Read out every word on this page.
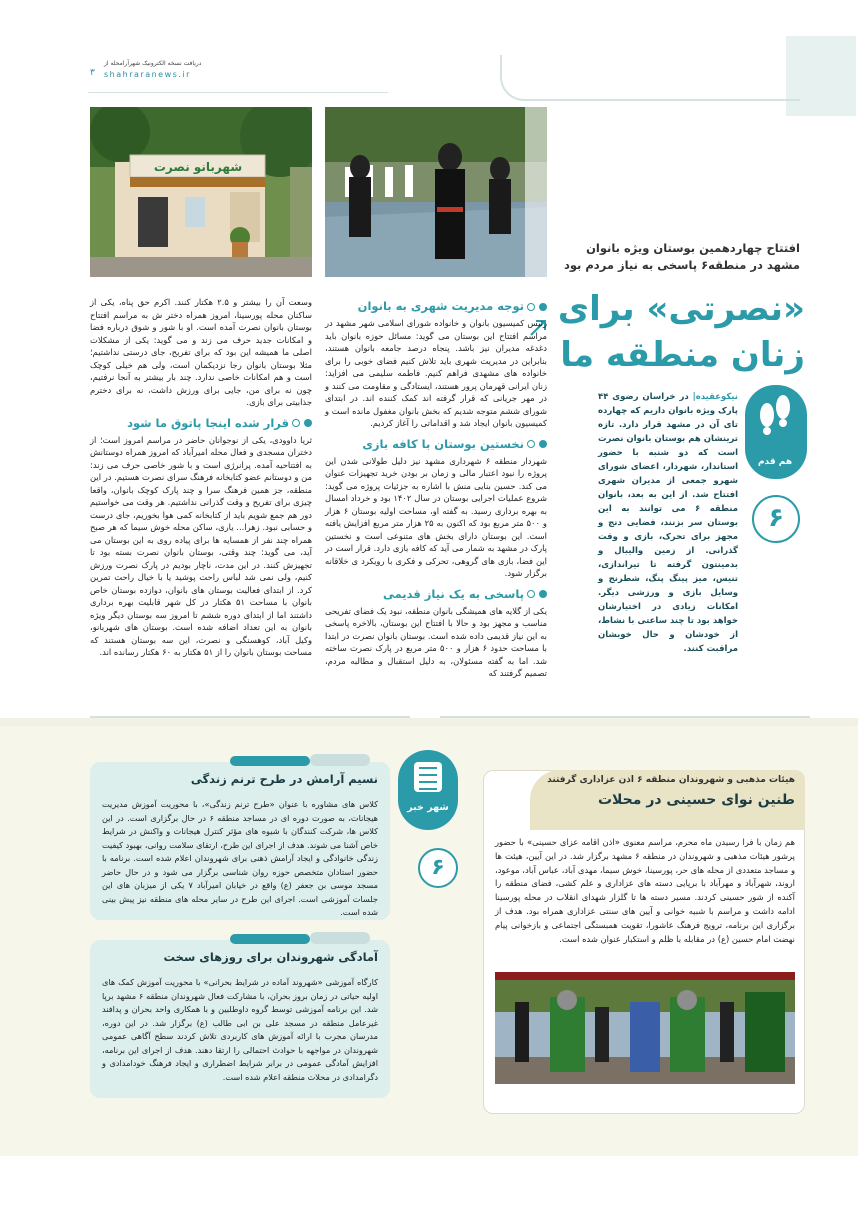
دریافت نسخه الکترونیک شهرآرامحله از
shahraranews.ir
۳
شهربانو نصرت
افتتاح چهاردهمین بوستان ویژه بانوان مشهد در منطقه۶ پاسخی به نیاز مردم بود
«نصرتی» برای زنان منطقه ما
نیکوعقیده| در خراسان رضوی ۴۴ پارک ویژه بانوان داریم که چهارده تای آن در مشهد قرار دارد. تازه ترینشان هم بوستان بانوان نصرت است که دو شنبه با حضور استاندار، شهردار، اعضای شورای شهرو جمعی از مدیران شهری افتتاح شد. از این به بعد، بانوان منطقه ۶ می توانند به این بوستان سر بزنند، فضایی دنج و مجهز برای تحرک، بازی و وقت گذرانی. از زمین والیبال و بدمینتون گرفته تا تیراندازی، تنیس، میز پینگ پنگ، شطرنج و وسایل بازی و ورزشی دیگر. امکانات زیادی در اختیارشان خواهد بود تا چند ساعتی با نشاط، از خودشان و حال خوبشان مراقبت کنند.
هم قدم
۶
توجه مدیریت شهری به بانوان

رئیس کمیسیون بانوان و خانواده شورای اسلامی شهر مشهد در مراسم افتتاح این بوستان می گوید: مسائل حوزه بانوان باید دغدغه مدیران نیز باشد. پنجاه درصد جامعه بانوان هستند، بنابراین در مدیریت شهری باید تلاش کنیم فضای خوبی را برای خانواده های مشهدی فراهم کنیم. فاطمه سلیمی می افزاید: زنان ایرانی قهرمان پرور هستند، ایستادگی و مقاومت می کنند و در مهر جریانی که قرار گرفته اند کمک کننده اند. در ابتدای شورای ششم متوجه شدیم که بخش بانوان مغفول مانده است و کمیسیون بانوان ایجاد شد و اقداماتی را آغاز کردیم.

نخستین بوستان با کافه بازی

شهردار منطقه ۶ شهرداری مشهد نیز دلیل طولانی شدن این پروژه را نبود اعتبار مالی و زمان بر بودن خرید تجهیزات عنوان می کند. حسین بنایی منش با اشاره به جزئیات پروژه می گوید: شروع عملیات اجرایی بوستان در سال ۱۴۰۲ بود و خرداد امسال به بهره برداری رسید. به گفته او، مساحت اولیه بوستان ۶ هزار و ۵۰۰ متر مربع بود که اکنون به ۲۵ هزار متر مربع افزایش یافته است. این بوستان دارای بخش های متنوعی است و نخستین پارک در مشهد به شمار می آید که کافه بازی دارد. قرار است در این فضا، بازی های گروهی، تحرکی و فکری با رویکرد ی خلاقانه برگزار شود.

پاسخی به یک نیاز قدیمی

یکی از گلایه های همیشگی بانوان منطقه، نبود یک فضای تفریحی مناسب و مجهز بود و حالا با افتتاح این بوستان، بالاخره پاسخی به این نیاز قدیمی داده شده است. بوستان بانوان نصرت در ابتدا با مساحت حدود ۶ هزار و ۵۰۰ متر مربع در پارک نصرت ساخته شد. اما به گفته مسئولان، به دلیل استقبال و مطالبه مردم، تصمیم گرفتند که

وسعت آن را بیشتر و ۲.۵ هکتار کنند. اکرم حق پناه، یکی از ساکنان محله پورسینا، امروز همراه دختر ش به مراسم افتتاح بوستان بانوان نصرت آمده است. او با شور و شوق درباره فضا و امکانات جدید حرف می زند و می گوید: یکی از مشکلات اصلی ما همیشه این بود که برای تفریح، جای درستی نداشتیم؛ مثلا بوستان بانوان رجا نزدیکمان است، ولی هم خیلی کوچک است و هم امکانات خاصی ندارد. چند بار بیشتر به آنجا نرفتیم، چون نه برای من، جایی برای ورزش داشت، نه برای دخترم جذابیتی برای بازی.

قرار شده اینجا پاتوق ما شود

ثریا داوودی، یکی از نوجوانان حاضر در مراسم امروز است؛ از دختران مسجدی و فعال محله امیرآباد که امروز همراه دوستانش به افتتاحیه آمده. پرانرژی است و با شور خاصی حرف می زند: من و دوستانم عضو کتابخانه فرهنگ سرای نصرت هستیم. در این منطقه، جز همین فرهنگ سرا و چند پارک کوچک بانوان، واقعا چیزی برای تفریح و وقت گذرانی نداشتیم. هر وقت می خواستیم دور هم جمع شویم باید از کتابخانه کمی هوا بخوریم، جای درست و حسابی نبود. زهرا... یاری، ساکن محله خوش سیما که هر صبح همراه چند نفر از همسایه ها برای پیاده روی به این بوستان می آید، می گوید: چند وقتی، بوستان بانوان نصرت بسته بود تا تجهیزش کنند. در این مدت، ناچار بودیم در پارک نصرت ورزش کنیم، ولی نمی شد لباس راحت پوشید یا با خیال راحت تمرین کرد. از ابتدای فعالیت بوستان های بانوان، دوازده بوستان خاص بانوان با مساحت ۵۱ هکتار در کل شهر قابلیت بهره برداری داشتند اما از ابتدای دوره ششم تا امروز سه بوستان دیگر ویژه بانوان به این تعداد اضافه شده است. بوستان های شهربانو، وکیل آباد، کوهسنگی و نصرت، این سه بوستان هستند که مساحت بوستان بانوان را از ۵۱ هکتار به ۶۰ هکتار رسانده اند.

هیئات مذهبی و شهروندان منطقه ۶ اذن عزاداری گرفتند
طنین نوای حسینی در محلات
هم زمان با فرا رسیدن ماه محرم، مراسم معنوی «اذن اقامه عزای حسینی» با حضور پرشور هیئات مذهبی و شهروندان در منطقه ۶ مشهد برگزار شد. در این آیین، هیئت ها و مساجد متعددی از محله های حر، پورسینا، خوش سیما، مهدی آباد، عباس آباد، موعود، اروند، شهرآباد و مهرآباد با برپایی دسته های عزاداری و علم کشی، فضای منطقه را آکنده از شور حسینی کردند. مسیر دسته ها تا گلزار شهدای انقلاب در محله پورسینا ادامه داشت و مراسم با شبیه خوانی و آیین های سنتی عزاداری همراه بود. هدف از برگزاری این برنامه، ترویج فرهنگ عاشورا، تقویت همبستگی اجتماعی و بازخوانی پیام نهضت امام حسین (ع) در مقابله با ظلم و استکبار عنوان شده است.
شهر خبر
۶
نسیم آرامش در طرح ترنم زندگی
کلاس های مشاوره با عنوان «طرح ترنم زندگی»، با محوریت آموزش مدیریت هیجانات، به صورت دوره ای در مساجد منطقه ۶ در حال برگزاری است. در این کلاس ها، شرکت کنندگان با شیوه های مؤثر کنترل هیجانات و واکنش در شرایط خاص آشنا می شوند. هدف از اجرای این طرح، ارتقای سلامت روانی، بهبود کیفیت زندگی خانوادگی و ایجاد آرامش ذهنی برای شهروندان اعلام شده است. برنامه با حضور استادان متخصص حوزه روان شناسی برگزار می شود و در حال حاضر مسجد موسی بن جعفر (ع) واقع در خیابان امیرآباد ۷ یکی از میزبان های این جلسات آموزشی است. اجرای این طرح در سایر محله های منطقه نیز پیش بینی شده است.
آمادگی شهروندان برای روزهای سخت
کارگاه آموزشی «شهروند آماده در شرایط بحرانی» با محوریت آموزش کمک های اولیه حیاتی در زمان بروز بحران، با مشارکت فعال شهروندان منطقه ۶ مشهد برپا شد. این برنامه آموزشی توسط گروه داوطلبین و با همکاری واحد بحران و پدافند غیرعامل منطقه در مسجد علی بن ابی طالب (ع) برگزار شد. در این دوره، مدرسان مجرب با ارائه آموزش های کاربردی تلاش کردند سطح آگاهی عمومی شهروندان در مواجهه با حوادث احتمالی را ارتقا دهند. هدف از اجرای این برنامه، افزایش آمادگی عمومی در برابر شرایط اضطراری و ایجاد فرهنگ خودامدادی و دگرامدادی در محلات منطقه اعلام شده است.
